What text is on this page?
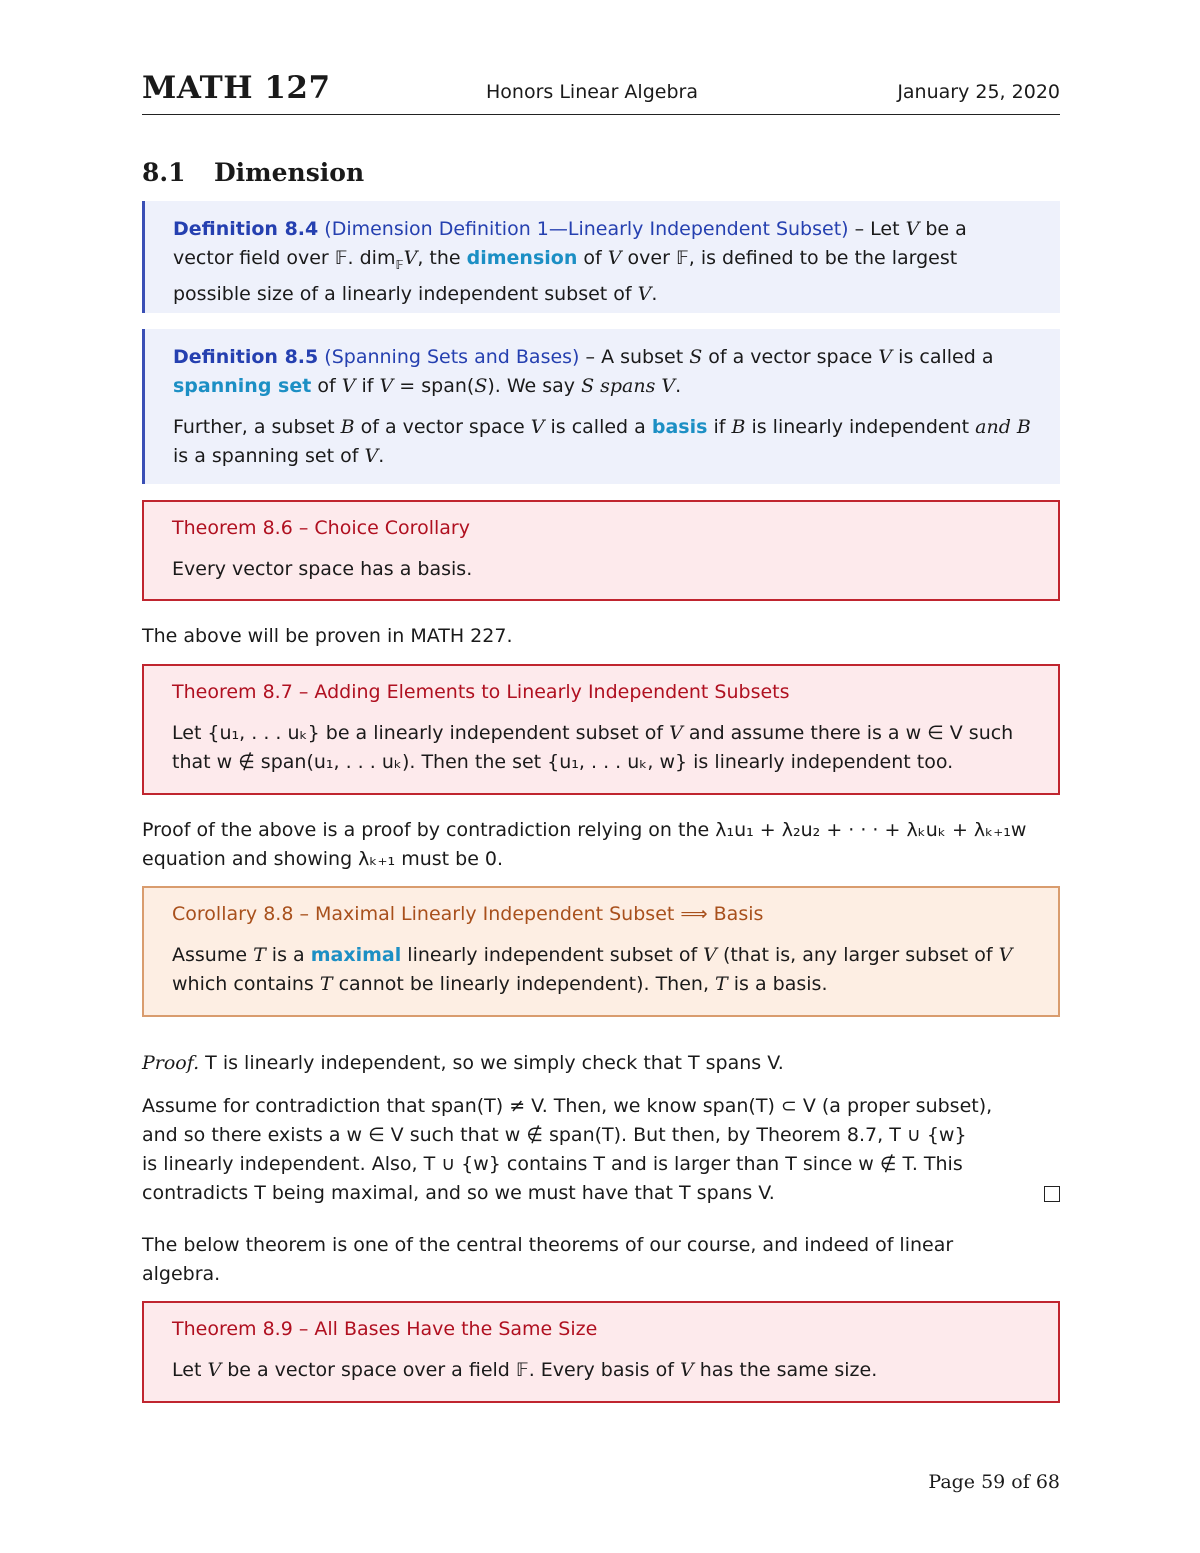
MATH 127	Honors Linear Algebra	January 25, 2020
8.1 Dimension

Definition 8.4 (Dimension Definition 1—Linearly Independent Subset) – Let V be a vector field over 𝔽. dim$_𝔽$V, the dimension of V over 𝔽, is defined to be the largest possible size of a linearly independent subset of V.

Definition 8.5 (Spanning Sets and Bases) – A subset S of a vector space V is called a spanning set of V if V = span(S). We say S spans V.

Further, a subset B of a vector space V is called a basis if B is linearly independent and B is a spanning set of V.

Theorem 8.6 – Choice Corollary

Every vector space has a basis.

The above will be proven in MATH 227.

Theorem 8.7 – Adding Elements to Linearly Independent Subsets

Let {u₁, . . . uₖ} be a linearly independent subset of V and assume there is a w ∈ V such
that w ∉ span(u₁, . . . uₖ). Then the set {u₁, . . . uₖ, w} is linearly independent too.

Proof of the above is a proof by contradiction relying on the λ₁u₁ + λ₂u₂ + · · · + λₖuₖ + λₖ₊₁w
equation and showing λₖ₊₁ must be 0.

Corollary 8.8 – Maximal Linearly Independent Subset ⟹ Basis

Assume T is a maximal linearly independent subset of V (that is, any larger subset of V which contains T cannot be linearly independent). Then, T is a basis.

Proof. T is linearly independent, so we simply check that T spans V.
Assume for contradiction that span(T) ≠ V. Then, we know span(T) ⊂ V (a proper subset),
and so there exists a w ∈ V such that w ∉ span(T). But then, by Theorem 8.7, T ∪ {w}
is linearly independent. Also, T ∪ {w} contains T and is larger than T since w ∉ T. This
contradicts T being maximal, and so we must have that T spans V.
The below theorem is one of the central theorems of our course, and indeed of linear
algebra.

Theorem 8.9 – All Bases Have the Same Size

Let V be a vector space over a field 𝔽. Every basis of V has the same size.

Page 59 of 68
